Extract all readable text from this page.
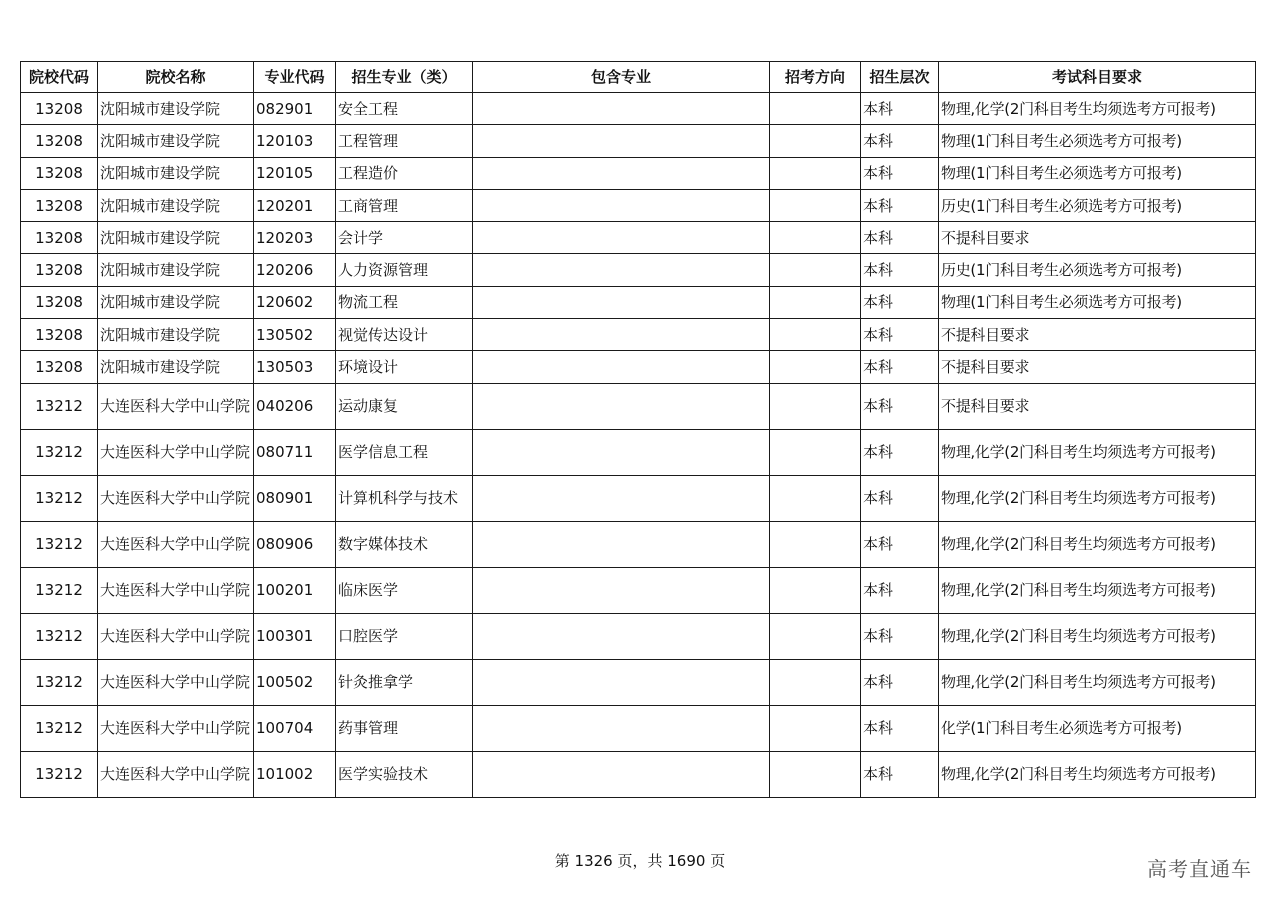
院校代码	院校名称	专业代码	招生专业（类）	包含专业	招考方向	招生层次	考试科目要求
13208	沈阳城市建设学院	082901	安全工程			本科	物理,化学(2门科目考生均须选考方可报考)
13208	沈阳城市建设学院	120103	工程管理			本科	物理(1门科目考生必须选考方可报考)
13208	沈阳城市建设学院	120105	工程造价			本科	物理(1门科目考生必须选考方可报考)
13208	沈阳城市建设学院	120201	工商管理			本科	历史(1门科目考生必须选考方可报考)
13208	沈阳城市建设学院	120203	会计学			本科	不提科目要求
13208	沈阳城市建设学院	120206	人力资源管理			本科	历史(1门科目考生必须选考方可报考)
13208	沈阳城市建设学院	120602	物流工程			本科	物理(1门科目考生必须选考方可报考)
13208	沈阳城市建设学院	130502	视觉传达设计			本科	不提科目要求
13208	沈阳城市建设学院	130503	环境设计			本科	不提科目要求
13212	大连医科大学中山学院	040206	运动康复			本科	不提科目要求
13212	大连医科大学中山学院	080711	医学信息工程			本科	物理,化学(2门科目考生均须选考方可报考)
13212	大连医科大学中山学院	080901	计算机科学与技术			本科	物理,化学(2门科目考生均须选考方可报考)
13212	大连医科大学中山学院	080906	数字媒体技术			本科	物理,化学(2门科目考生均须选考方可报考)
13212	大连医科大学中山学院	100201	临床医学			本科	物理,化学(2门科目考生均须选考方可报考)
13212	大连医科大学中山学院	100301	口腔医学			本科	物理,化学(2门科目考生均须选考方可报考)
13212	大连医科大学中山学院	100502	针灸推拿学			本科	物理,化学(2门科目考生均须选考方可报考)
13212	大连医科大学中山学院	100704	药事管理			本科	化学(1门科目考生必须选考方可报考)
13212	大连医科大学中山学院	101002	医学实验技术			本科	物理,化学(2门科目考生均须选考方可报考)
第 1326 页，共 1690 页	高考直通车
